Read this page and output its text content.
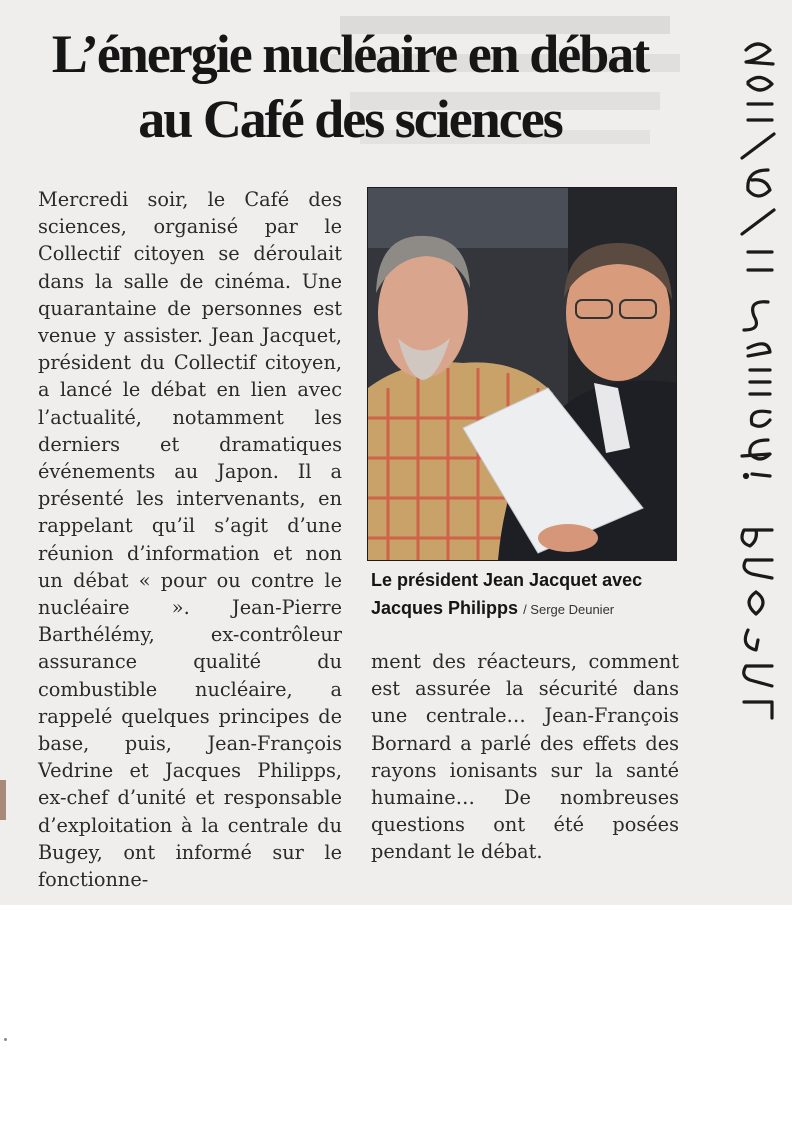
L’énergie nucléaire en débat
au Café des sciences

Mercredi soir, le Café des sciences, organisé par le Collectif citoyen se déroulait dans la salle de cinéma. Une quarantaine de personnes est venue y assister. Jean Jacquet, président du Collectif citoyen, a lancé le débat en lien avec l’actualité, notamment les derniers et dramatiques événements au Japon. Il a présenté les intervenants, en rappelant qu’il s’agit d’une réunion d’information et non un débat « pour ou contre le nucléaire ». Jean-Pierre Barthélémy, ex-contrôleur assurance qualité du combustible nucléaire, a rappelé quelques principes de base, puis, Jean-François Vedrine et Jacques Philipps, ex-chef d’unité et responsable d’exploitation à la centrale du Bugey, ont informé sur le fonctionne-

Le président Jean Jacquet avec
Jacques Philipps / Serge Deunier

ment des réacteurs, comment est assurée la sécurité dans une centrale… Jean-François Bornard a parlé des effets des rayons ionisants sur la santé humaine… De nombreuses questions ont été posées pendant le débat.
